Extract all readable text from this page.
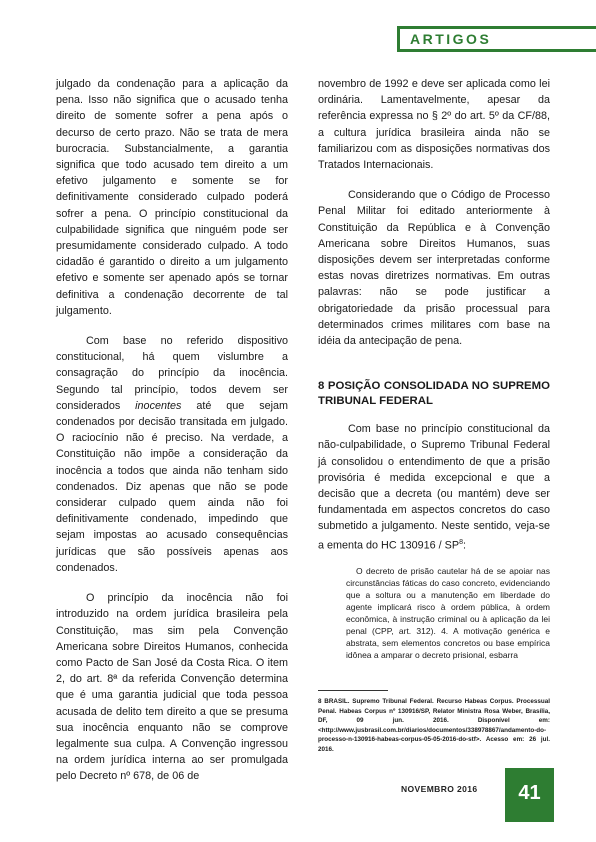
ARTIGOS

julgado da condenação para a aplicação da pena. Isso não significa que o acusado tenha direito de somente sofrer a pena após o decurso de certo prazo. Não se trata de mera burocracia. Substancialmente, a garantia significa que todo acusado tem direito a um efetivo julgamento e somente se for definitivamente considerado culpado poderá sofrer a pena. O princípio constitucional da culpabilidade significa que ninguém pode ser presumidamente considerado culpado. A todo cidadão é garantido o direito a um julgamento efetivo e somente ser apenado após se tornar definitiva a condenação decorrente de tal julgamento.

Com base no referido dispositivo constitucional, há quem vislumbre a consagração do princípio da inocência. Segundo tal princípio, todos devem ser considerados inocentes até que sejam condenados por decisão transitada em julgado. O raciocínio não é preciso. Na verdade, a Constituição não impõe a consideração da inocência a todos que ainda não tenham sido condenados. Diz apenas que não se pode considerar culpado quem ainda não foi definitivamente condenado, impedindo que sejam impostas ao acusado consequências jurídicas que são possíveis apenas aos condenados.

O princípio da inocência não foi introduzido na ordem jurídica brasileira pela Constituição, mas sim pela Convenção Americana sobre Direitos Humanos, conhecida como Pacto de San José da Costa Rica. O item 2, do art. 8ª da referida Convenção determina que é uma garantia judicial que toda pessoa acusada de delito tem direito a que se presuma sua inocência enquanto não se comprove legalmente sua culpa. A Convenção ingressou na ordem jurídica interna ao ser promulgada pelo Decreto nº 678, de 06 de

novembro de 1992 e deve ser aplicada como lei ordinária. Lamentavelmente, apesar da referência expressa no § 2º do art. 5º da CF/88, a cultura jurídica brasileira ainda não se familiarizou com as disposições normativas dos Tratados Internacionais.

Considerando que o Código de Processo Penal Militar foi editado anteriormente à Constituição da República e à Convenção Americana sobre Direitos Humanos, suas disposições devem ser interpretadas conforme estas novas diretrizes normativas. Em outras palavras: não se pode justificar a obrigatoriedade da prisão processual para determinados crimes militares com base na idéia da antecipação de pena.

8 POSIÇÃO CONSOLIDADA NO SUPREMO TRIBUNAL FEDERAL

Com base no princípio constitucional da não-culpabilidade, o Supremo Tribunal Federal já consolidou o entendimento de que a prisão provisória é medida excepcional e que a decisão que a decreta (ou mantém) deve ser fundamentada em aspectos concretos do caso submetido a julgamento. Neste sentido, veja-se a ementa do HC $130916 / SP^8$:

O decreto de prisão cautelar há de se apoiar nas circunstâncias fáticas do caso concreto, evidenciando que a soltura ou a manutenção em liberdade do agente implicará risco à ordem pública, à ordem econômica, à instrução criminal ou à aplicação da lei penal (CPP, art. 312). 4. A motivação genérica e abstrata, sem elementos concretos ou base empírica idônea a amparar o decreto prisional, esbarra

8 BRASIL. Supremo Tribunal Federal. Recurso Habeas Corpus. Processual Penal. Habeas Corpus nº 130916/SP, Relator Ministra Rosa Weber, Brasília, DF, 09 jun. 2016. Disponível em: <http://www.jusbrasil.com.br/diarios/documentos/338978867/andamento-do-processo-n-130916-habeas-corpus-05-05-2016-do-stf>. Acesso em: 26 jul. 2016.
NOVEMBRO 2016	41
